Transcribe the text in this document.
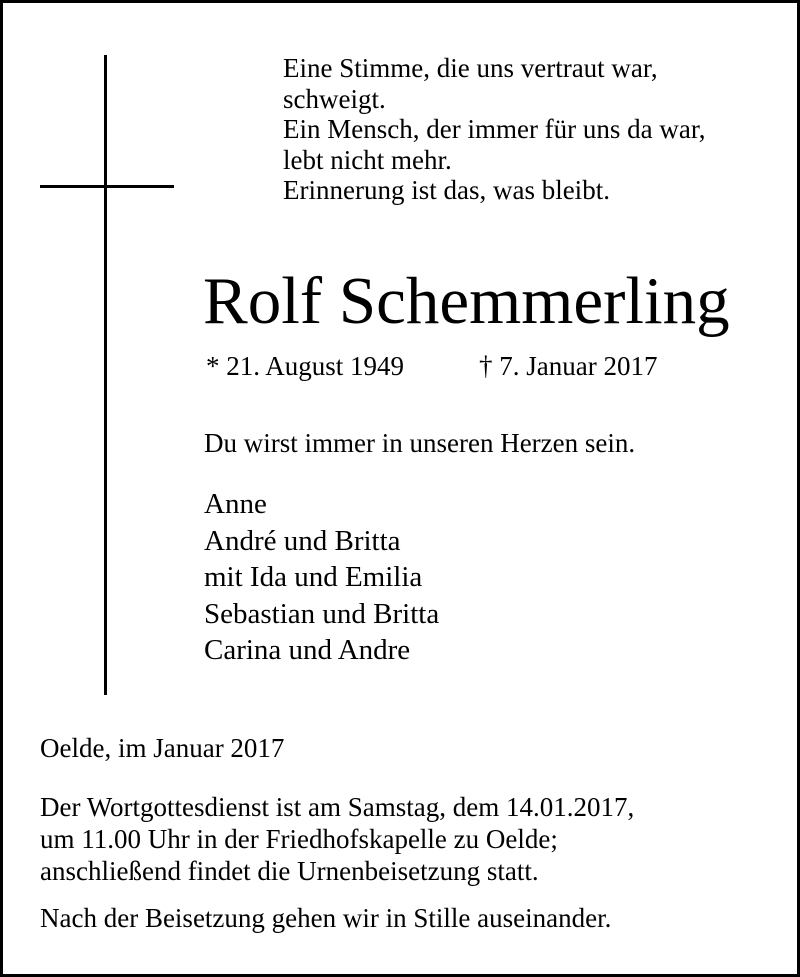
Eine Stimme, die uns vertraut war,
schweigt.
Ein Mensch, der immer für uns da war,
lebt nicht mehr.
Erinnerung ist das, was bleibt.
Rolf Schemmerling
* 21. August 1949	† 7. Januar 2017
Du wirst immer in unseren Herzen sein.
Anne
André und Britta
mit Ida und Emilia
Sebastian und Britta
Carina und Andre
Oelde, im Januar 2017
Der Wortgottesdienst ist am Samstag, dem 14.01.2017,
um 11.00 Uhr in der Friedhofskapelle zu Oelde;
anschließend findet die Urnenbeisetzung statt.
Nach der Beisetzung gehen wir in Stille auseinander.
